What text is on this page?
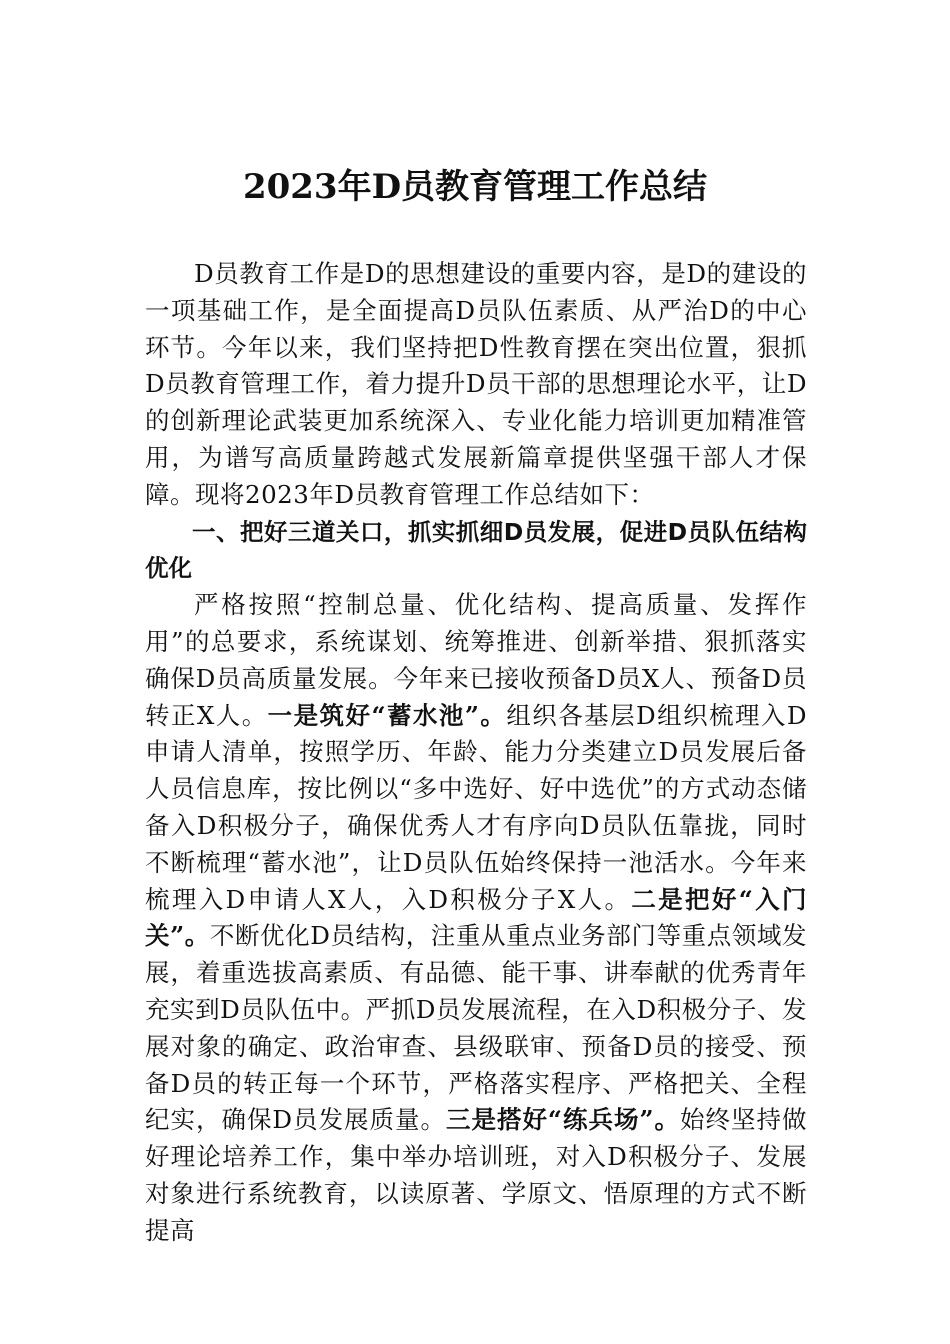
2023年D员教育管理工作总结

D员教育工作是D的思想建设的重要内容，是D的建设的一项基础工作，是全面提高D员队伍素质、从严治D的中心环节。今年以来，我们坚持把D性教育摆在突出位置，狠抓D员教育管理工作，着力提升D员干部的思想理论水平，让D的创新理论武装更加系统深入、专业化能力培训更加精准管用，为谱写高质量跨越式发展新篇章提供坚强干部人才保障。现将2023年D员教育管理工作总结如下：

一、把好三道关口，抓实抓细D员发展，促进D员队伍结构优化

严格按照“控制总量、优化结构、提高质量、发挥作用”的总要求，系统谋划、统筹推进、创新举措、狠抓落实确保D员高质量发展。今年来已接收预备D员X人、预备D员转正X人。一是筑好“蓄水池”。组织各基层D组织梳理入D申请人清单，按照学历、年龄、能力分类建立D员发展后备人员信息库，按比例以“多中选好、好中选优”的方式动态储备入D积极分子，确保优秀人才有序向D员队伍靠拢，同时不断梳理“蓄水池”，让D员队伍始终保持一池活水。今年来梳理入D申请人X人，入D积极分子X人。二是把好“入门关”。不断优化D员结构，注重从重点业务部门等重点领域发展，着重选拔高素质、有品德、能干事、讲奉献的优秀青年充实到D员队伍中。严抓D员发展流程，在入D积极分子、发展对象的确定、政治审查、县级联审、预备D员的接受、预备D员的转正每一个环节，严格落实程序、严格把关、全程纪实，确保D员发展质量。三是搭好“练兵场”。始终坚持做好理论培养工作，集中举办培训班，对入D积极分子、发展对象进行系统教育，以读原著、学原文、悟原理的方式不断提高
